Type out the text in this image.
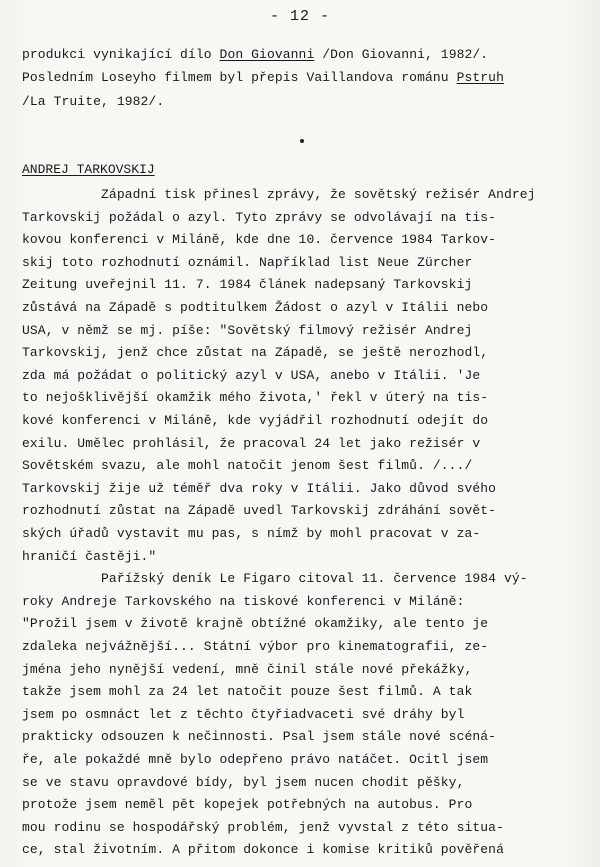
- 12 -
produkci vynikající dílo Don Giovanni /Don Giovanni, 1982/.
Posledním Loseyho filmem byl přepis Vaillandova románu Pstruh
/La Truite, 1982/.
ANDREJ TARKOVSKIJ
Západní tisk přinesl zprávy, že sovětský režisér Andrej
Tarkovskij požádal o azyl. Tyto zprávy se odvolávají na tis-
kovou konferenci v Miláně, kde dne 10. července 1984 Tarkov-
skij toto rozhodnutí oznámil. Například list Neue Zürcher
Zeitung uveřejnil 11. 7. 1984 článek nadepsaný Tarkovskij
zůstává na Západě s podtitulkem Žádost o azyl v Itálii nebo
USA, v němž se mj. píše: "Sovětský filmový režisér Andrej
Tarkovskij, jenž chce zůstat na Západě, se ještě nerozhodl,
zda má požádat o politický azyl v USA, anebo v Itálii. 'Je
to nejošklivější okamžik mého života,' řekl v úterý na tis-
kové konferenci v Miláně, kde vyjádřil rozhodnutí odejít do
exilu. Umělec prohlásil, že pracoval 24 let jako režisér v
Sovětském svazu, ale mohl natočit jenom šest filmů. /.../
Tarkovskij žije už téměř dva roky v Itálii. Jako důvod svého
rozhodnutí zůstat na Západě uvedl Tarkovskij zdráhání sovět-
ských úřadů vystavit mu pas, s nímž by mohl pracovat v za-
hraničí častěji."
Pařížský deník Le Figaro citoval 11. července 1984 vý-
roky Andreje Tarkovského na tiskové konferenci v Miláně:
"Prožil jsem v životě krajně obtížné okamžiky, ale tento je
zdaleka nejvážnější... Státní výbor pro kinematografii, ze-
jména jeho nynější vedení, mně činil stále nové překážky,
takže jsem mohl za 24 let natočit pouze šest filmů. A tak
jsem po osmnáct let z těchto čtyřiadvaceti své dráhy byl
prakticky odsouzen k nečinnosti. Psal jsem stále nové scéná-
ře, ale pokaždé mně bylo odepřeno právo natáčet. Ocitl jsem
se ve stavu opravdové bídy, byl jsem nucen chodit pěšky,
protože jsem neměl pět kopejek potřebných na autobus. Pro
mou rodinu se hospodářský problém, jenž vyvstal z této situa-
ce, stal životním. A přitom dokonce i komise kritiků pověřená
